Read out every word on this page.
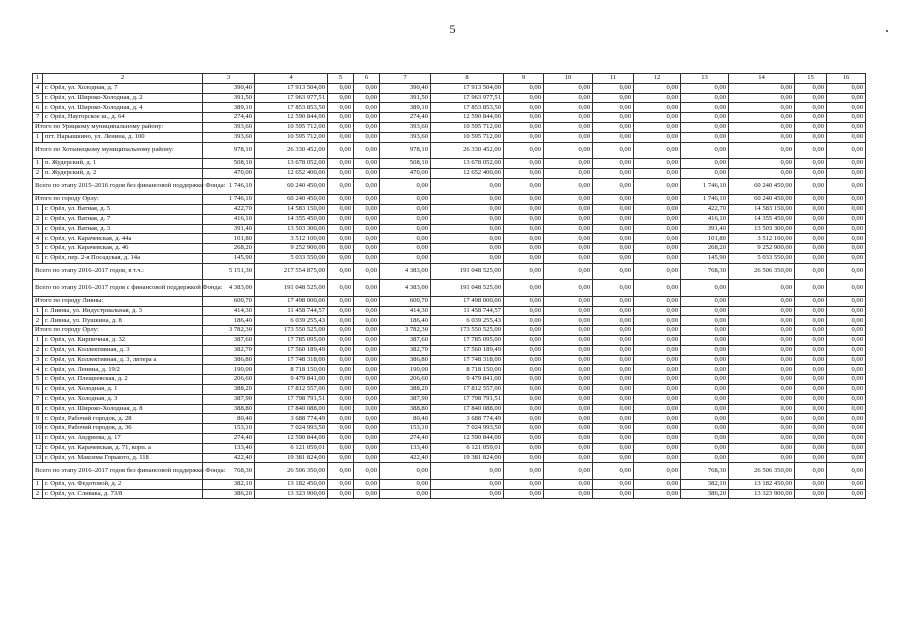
5
1	2	3	4	5	6	7	8	9	10	11	12	13	14	15	16
4	г. Орёл, ул. Холодная, д. 7	390,40	17 913 504,00	0,00	0,00	390,40	17 913 504,00	0,00	0,00	0,00	0,00	0,00	0,00	0,00	0,00
5	г. Орёл, ул. Широко-Холодная, д. 2	391,50	17 963 977,51	0,00	0,00	391,50	17 963 977,51	0,00	0,00	0,00	0,00	0,00	0,00	0,00	0,00
6	г. Орёл, ул. Широко-Холодная, д. 4	389,10	17 853 853,50	0,00	0,00	389,10	17 853 853,50	0,00	0,00	0,00	0,00	0,00	0,00	0,00	0,00
7	г. Орёл, Наугорское ш., д. 64	274,40	12 590 844,00	0,00	0,00	274,40	12 590 844,00	0,00	0,00	0,00	0,00	0,00	0,00	0,00	0,00
Итого по Урицкому муниципальному району:		393,60	10 595 712,00	0,00	0,00	393,60	10 595 712,00	0,00	0,00	0,00	0,00	0,00	0,00	0,00	0,00
1	пгт. Нарышкино, ул. Ленина, д. 100	393,60	10 595 712,00	0,00	0,00	393,60	10 595 712,00	0,00	0,00	0,00	0,00	0,00	0,00	0,00	0,00
Итого по Хотынецкому муниципальному району:		978,10	26 330 452,00	0,00	0,00	978,10	26 330 452,00	0,00	0,00	0,00	0,00	0,00	0,00	0,00	0,00
1	п. Жудерский, д. 1	508,10	13 678 052,00	0,00	0,00	508,10	13 678 052,00	0,00	0,00	0,00	0,00	0,00	0,00	0,00	0,00
2	п. Жудерский, д. 2	470,00	12 652 400,00	0,00	0,00	470,00	12 652 400,00	0,00	0,00	0,00	0,00	0,00	0,00	0,00	0,00
Всего по этапу 2015–2016 годов без финансовой поддержки Фонда:		1 746,10	60 240 450,00	0,00	0,00	0,00	0,00	0,00	0,00	0,00	0,00	1 746,10	60 240 450,00	0,00	0,00
Итого по городу Орлу:		1 746,10	60 240 450,00	0,00	0,00	0,00	0,00	0,00	0,00	0,00	0,00	1 746,10	60 240 450,00	0,00	0,00
1	г. Орёл, ул. Ватная, д. 5	422,70	14 583 150,00	0,00	0,00	0,00	0,00	0,00	0,00	0,00	0,00	422,70	14 583 150,00	0,00	0,00
2	г. Орёл, ул. Ватная, д. 7	416,10	14 355 450,00	0,00	0,00	0,00	0,00	0,00	0,00	0,00	0,00	416,10	14 355 450,00	0,00	0,00
3	г. Орёл, ул. Ватная, д. 3	391,40	13 503 300,00	0,00	0,00	0,00	0,00	0,00	0,00	0,00	0,00	391,40	13 503 300,00	0,00	0,00
4	г. Орёл, ул. Карачевская, д. 44а	101,80	3 512 100,00	0,00	0,00	0,00	0,00	0,00	0,00	0,00	0,00	101,80	3 512 100,00	0,00	0,00
5	г. Орёл, ул. Карачевская, д. 46	268,20	9 252 900,00	0,00	0,00	0,00	0,00	0,00	0,00	0,00	0,00	268,20	9 252 900,00	0,00	0,00
6	г. Орёл, пер. 2-я Посадская, д. 14а	145,90	5 033 550,00	0,00	0,00	0,00	0,00	0,00	0,00	0,00	0,00	145,90	5 033 550,00	0,00	0,00
Всего по этапу 2016–2017 годов, в т.ч.:		5 151,30	217 554 875,00	0,00	0,00	4 383,00	191 048 525,00	0,00	0,00	0,00	0,00	768,30	26 506 350,00	0,00	0,00
Всего по этапу 2016–2017 годов с финансовой поддержкой Фонда:		4 383,00	191 048 525,00	0,00	0,00	4 383,00	191 048 525,00	0,00	0,00	0,00	0,00	0,00	0,00	0,00	0,00
Итого по городу Ливны:		600,70	17 498 000,00	0,00	0,00	600,70	17 498 000,00	0,00	0,00	0,00	0,00	0,00	0,00	0,00	0,00
1	г. Ливны, ул. Индустриальная, д. 3	414,30	11 458 744,57	0,00	0,00	414,30	11 458 744,57	0,00	0,00	0,00	0,00	0,00	0,00	0,00	0,00
2	г. Ливны, ул. Пушкина, д. 8	186,40	6 039 255,43	0,00	0,00	186,40	6 039 255,43	0,00	0,00	0,00	0,00	0,00	0,00	0,00	0,00
Итого по городу Орлу:		3 782,30	173 550 525,00	0,00	0,00	3 782,30	173 550 525,00	0,00	0,00	0,00	0,00	0,00	0,00	0,00	0,00
1	г. Орёл, ул. Кирпичная, д. 32	387,60	17 785 095,00	0,00	0,00	387,60	17 785 095,00	0,00	0,00	0,00	0,00	0,00	0,00	0,00	0,00
2	г. Орёл, ул. Коллективная, д. 3	382,70	17 560 189,49	0,00	0,00	382,70	17 560 189,49	0,00	0,00	0,00	0,00	0,00	0,00	0,00	0,00
3	г. Орёл, ул. Коллективная, д. 3, литера а	386,80	17 748 318,00	0,00	0,00	386,80	17 748 318,00	0,00	0,00	0,00	0,00	0,00	0,00	0,00	0,00
4	г. Орёл, ул. Ленина, д. 19/2	190,00	8 718 150,00	0,00	0,00	190,00	8 718 150,00	0,00	0,00	0,00	0,00	0,00	0,00	0,00	0,00
5	г. Орёл, ул. Плещеевская, д. 2	206,60	9 479 841,00	0,00	0,00	206,60	9 479 841,00	0,00	0,00	0,00	0,00	0,00	0,00	0,00	0,00
6	г. Орёл, ул. Холодная, д. 1	388,20	17 812 557,00	0,00	0,00	388,20	17 812 557,00	0,00	0,00	0,00	0,00	0,00	0,00	0,00	0,00
7	г. Орёл, ул. Холодная, д. 3	387,90	17 798 791,51	0,00	0,00	387,90	17 798 791,51	0,00	0,00	0,00	0,00	0,00	0,00	0,00	0,00
8	г. Орёл, ул. Широко-Холодная, д. 8	388,80	17 840 088,00	0,00	0,00	388,80	17 840 088,00	0,00	0,00	0,00	0,00	0,00	0,00	0,00	0,00
9	г. Орёл, Рабочий городок, д. 28	80,40	3 688 774,49	0,00	0,00	80,40	3 688 774,49	0,00	0,00	0,00	0,00	0,00	0,00	0,00	0,00
10	г. Орёл, Рабочий городок, д. 36	153,10	7 024 993,50	0,00	0,00	153,10	7 024 993,50	0,00	0,00	0,00	0,00	0,00	0,00	0,00	0,00
11	г. Орёл, ул. Андреева, д. 17	274,40	12 590 844,00	0,00	0,00	274,40	12 590 844,00	0,00	0,00	0,00	0,00	0,00	0,00	0,00	0,00
12	г. Орёл, ул. Карачевская, д. 71, корп. а	133,40	6 121 059,01	0,00	0,00	133,40	6 121 059,01	0,00	0,00	0,00	0,00	0,00	0,00	0,00	0,00
13	г. Орёл, ул. Максима Горького, д. 118	422,40	19 381 824,00	0,00	0,00	422,40	19 381 824,00	0,00	0,00	0,00	0,00	0,00	0,00	0,00	0,00
Всего по этапу 2016–2017 годов без финансовой поддержки Фонда:		768,30	26 506 350,00	0,00	0,00	0,00	0,00	0,00	0,00	0,00	0,00	768,30	26 506 350,00	0,00	0,00
1	г. Орёл, ул. Федотовой, д. 2	382,10	13 182 450,00	0,00	0,00	0,00	0,00	0,00	0,00	0,00	0,00	382,10	13 182 450,00	0,00	0,00
2	г. Орёл, ул. Сливака, д. 73/8	386,20	13 323 900,00	0,00	0,00	0,00	0,00	0,00	0,00	0,00	0,00	386,20	13 323 900,00	0,00	0,00
